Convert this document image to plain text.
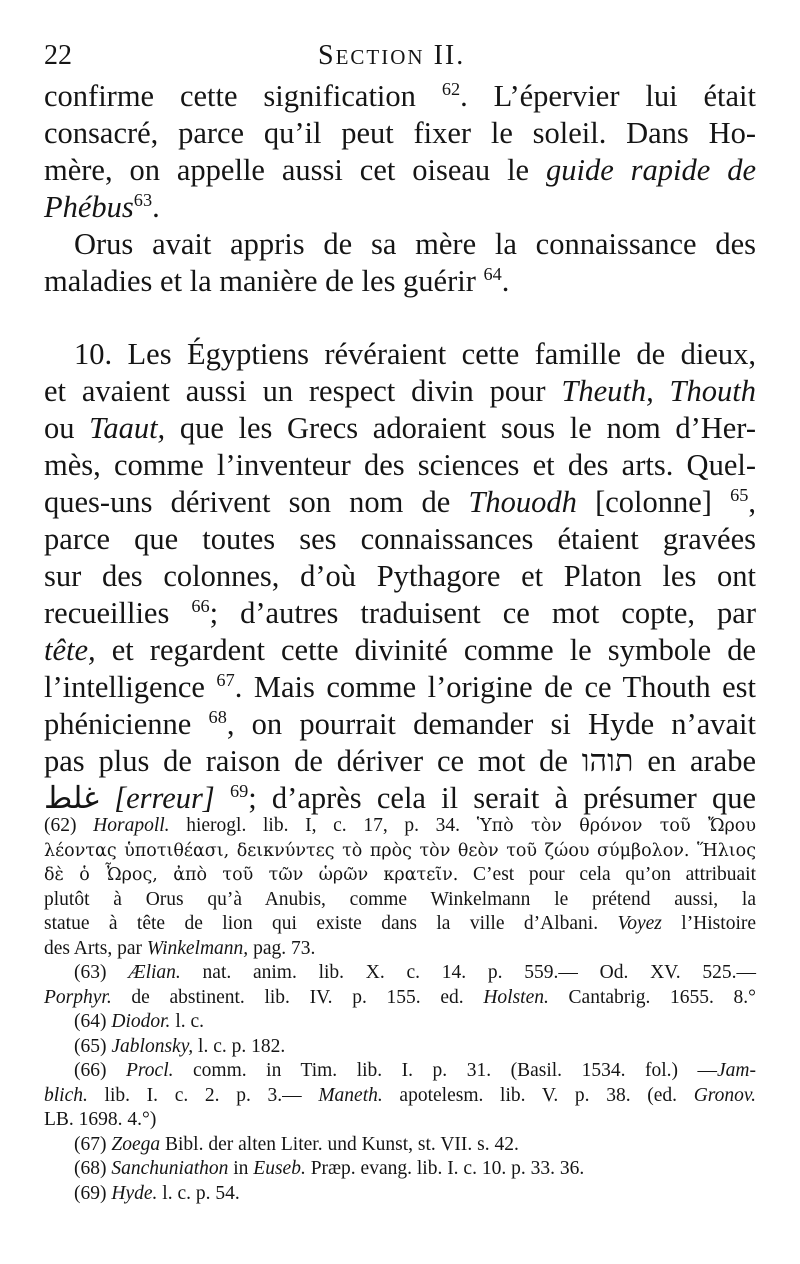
22	SECTION II.
confirme cette signification $^{62}$. L’épervier lui était
consacré, parce qu’il peut fixer le soleil. Dans Ho-
mère, on appelle aussi cet oiseau le guide rapide de
Phébus$^{63}$.
Orus avait appris de sa mère la connaissance des
maladies et la manière de les guérir $^{64}$.
10. Les Égyptiens révéraient cette famille de dieux,
et avaient aussi un respect divin pour Theuth, Thouth
ou Taaut, que les Grecs adoraient sous le nom d’Her-
mès, comme l’inventeur des sciences et des arts. Quel-
ques-uns dérivent son nom de Thouodh [colonne] $^{65}$,
parce que toutes ses connaissances étaient gravées
sur des colonnes, d’où Pythagore et Platon les ont
recueillies $^{66}$; d’autres traduisent ce mot copte, par
tête, et regardent cette divinité comme le symbole de
l’intelligence $^{67}$. Mais comme l’origine de ce Thouth est
phénicienne $^{68}$, on pourrait demander si Hyde n’avait
pas plus de raison de dériver ce mot de תוהו en arabe
غلط [erreur] $^{69}$; d’après cela il serait à présumer que
(62) Horapoll. hierogl. lib. I, c. 17, p. 34. Ὑπὸ τὸν θρόνον τοῦ Ὤρου
λέοντας ὑποτιθέασι, δεικνύντες τὸ πρὸς τὸν θεὸν τοῦ ζώου σύμβολον. Ἥλιος
δὲ ὁ Ὦρος, ἀπὸ τοῦ τῶν ὡρῶν κρατεῖν. C’est pour cela qu’on attribuait
plutôt à Orus qu’à Anubis, comme Winkelmann le prétend aussi, la
statue à tête de lion qui existe dans la ville d’Albani. Voyez l’Histoire
des Arts, par Winkelmann, pag. 73.
(63) Ælian. nat. anim. lib. X. c. 14. p. 559.— Od. XV. 525.—
Porphyr. de abstinent. lib. IV. p. 155. ed. Holsten. Cantabrig. 1655. 8.°
(64) Diodor. l. c.
(65) Jablonsky, l. c. p. 182.
(66) Procl. comm. in Tim. lib. I. p. 31. (Basil. 1534. fol.) —Jam-
blich. lib. I. c. 2. p. 3.— Maneth. apotelesm. lib. V. p. 38. (ed. Gronov.
LB. 1698. 4.°)
(67) Zoega Bibl. der alten Liter. und Kunst, st. VII. s. 42.
(68) Sanchuniathon in Euseb. Præp. evang. lib. I. c. 10. p. 33. 36.
(69) Hyde. l. c. p. 54.
